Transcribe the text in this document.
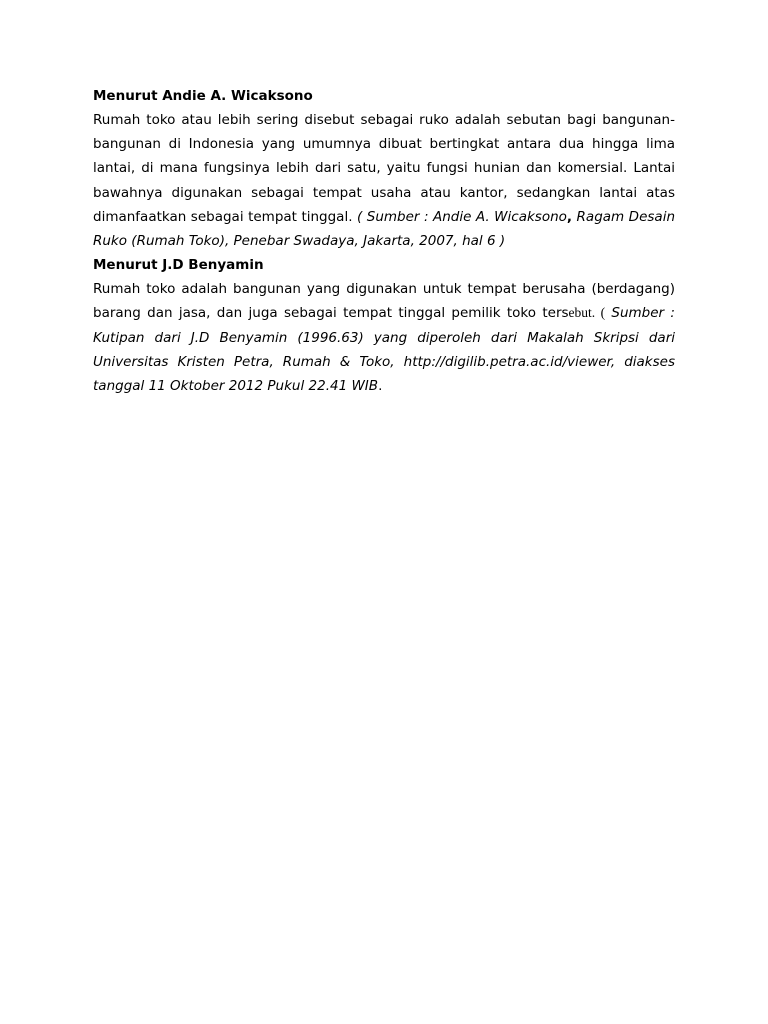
Menurut Andie A. Wicaksono

Rumah toko atau lebih sering disebut sebagai ruko adalah sebutan bagi bangunan-bangunan di Indonesia yang umumnya dibuat bertingkat antara dua hingga lima lantai, di mana fungsinya lebih dari satu, yaitu fungsi hunian dan komersial. Lantai bawahnya digunakan sebagai tempat usaha atau kantor, sedangkan lantai atas dimanfaatkan sebagai tempat tinggal. ( Sumber : Andie A. Wicaksono, Ragam Desain Ruko (Rumah Toko), Penebar Swadaya, Jakarta, 2007, hal 6 )

Menurut J.D Benyamin

Rumah toko adalah bangunan yang digunakan untuk tempat berusaha (berdagang) barang dan jasa, dan juga sebagai tempat tinggal pemilik toko tersebut. ( Sumber : Kutipan dari J.D Benyamin (1996.63) yang diperoleh dari Makalah Skripsi dari Universitas Kristen Petra, Rumah & Toko, http://digilib.petra.ac.id/viewer, diakses tanggal 11 Oktober 2012 Pukul 22.41 WIB.
